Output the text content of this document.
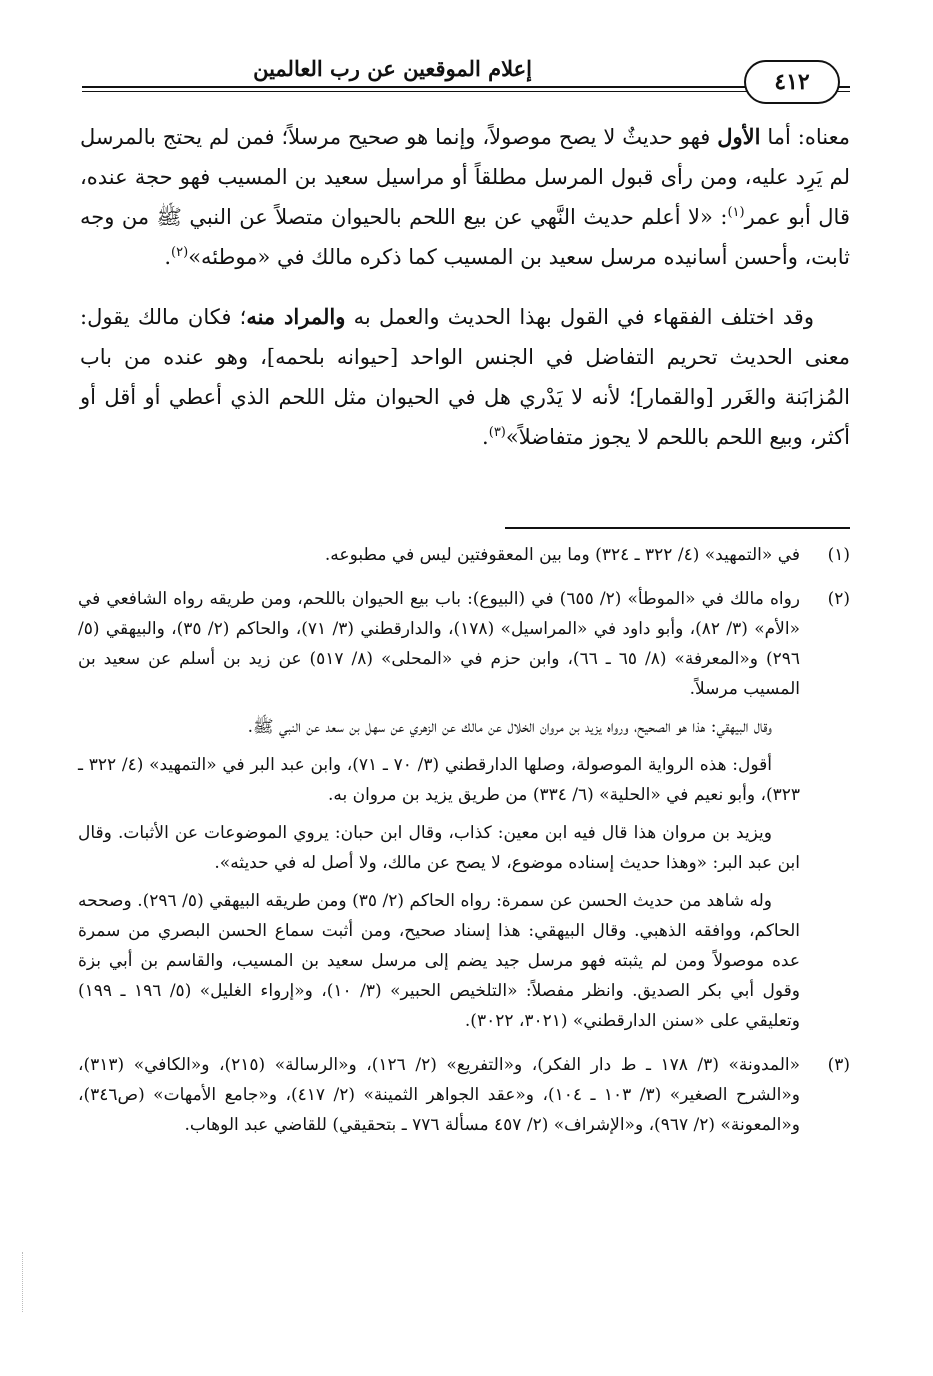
إعلام الموقعين عن رب العالمين
٤١٢

معناه: أما الأول فهو حديثٌ لا يصح موصولاً، وإنما هو صحيح مرسلاً؛ فمن لم يحتج بالمرسل لم يَرِد عليه، ومن رأى قبول المرسل مطلقاً أو مراسيل سعيد بن المسيب فهو حجة عنده، قال أبو عمر$^{(١)}$: «لا أعلم حديث النَّهي عن بيع اللحم بالحيوان متصلاً عن النبي ﷺ من وجه ثابت، وأحسن أسانيده مرسل سعيد بن المسيب كما ذكره مالك في «موطئه»$^{(٢)}$.

وقد اختلف الفقهاء في القول بهذا الحديث والعمل به والمراد منه؛ فكان مالك يقول: معنى الحديث تحريم التفاضل في الجنس الواحد [حيوانه بلحمه]، وهو عنده من باب المُزابَنة والغَرر [والقمار]؛ لأنه لا يَدْري هل في الحيوان مثل اللحم الذي أعطي أو أقل أو أكثر، وبيع اللحم باللحم لا يجوز متفاضلاً»$^{(٣)}$.

(١)

في «التمهيد» (٤/ ٣٢٢ ـ ٣٢٤) وما بين المعقوفتين ليس في مطبوعه.

(٢)

رواه مالك في «الموطأ» (٢/ ٦٥٥) في (البيوع): باب بيع الحيوان باللحم، ومن طريقه رواه الشافعي في «الأم» (٣/ ٨٢)، وأبو داود في «المراسيل» (١٧٨)، والدارقطني (٣/ ٧١)، والحاكم (٢/ ٣٥)، والبيهقي (٥/ ٢٩٦) و«المعرفة» (٨/ ٦٥ ـ ٦٦)، وابن حزم في «المحلى» (٨/ ٥١٧) عن زيد بن أسلم عن سعيد بن المسيب مرسلاً.

وقال البيهقي: هذا هو الصحيح، ورواه يزيد بن مروان الخلال عن مالك عن الزهري عن سهل بن سعد عن النبي ﷺ.

أقول: هذه الرواية الموصولة، وصلها الدارقطني (٣/ ٧٠ ـ ٧١)، وابن عبد البر في «التمهيد» (٤/ ٣٢٢ ـ ٣٢٣)، وأبو نعيم في «الحلية» (٦/ ٣٣٤) من طريق يزيد بن مروان به.

ويزيد بن مروان هذا قال فيه ابن معين: كذاب، وقال ابن حبان: يروي الموضوعات عن الأثبات. وقال ابن عبد البر: «وهذا حديث إسناده موضوع، لا يصح عن مالك، ولا أصل له في حديثه».

وله شاهد من حديث الحسن عن سمرة: رواه الحاكم (٢/ ٣٥) ومن طريقه البيهقي (٥/ ٢٩٦). وصححه الحاكم، ووافقه الذهبي. وقال البيهقي: هذا إسناد صحيح، ومن أثبت سماع الحسن البصري من سمرة عده موصولاً ومن لم يثبته فهو مرسل جيد يضم إلى مرسل سعيد بن المسيب، والقاسم بن أبي بزة وقول أبي بكر الصديق. وانظر مفصلاً: «التلخيص الحبير» (٣/ ١٠)، و«إرواء الغليل» (٥/ ١٩٦ ـ ١٩٩) وتعليقي على «سنن الدارقطني» (٣٠٢١، ٣٠٢٢).

(٣)

«المدونة» (٣/ ١٧٨ ـ ط دار الفكر)، و«التفريع» (٢/ ١٢٦)، و«الرسالة» (٢١٥)، و«الكافي» (٣١٣)، و«الشرح الصغير» (٣/ ١٠٣ ـ ١٠٤)، و«عقد الجواهر الثمينة» (٢/ ٤١٧)، و«جامع الأمهات» (ص٣٤٦)، و«المعونة» (٢/ ٩٦٧)، و«الإشراف» (٢/ ٤٥٧ مسألة ٧٧٦ ـ بتحقيقي) للقاضي عبد الوهاب.
